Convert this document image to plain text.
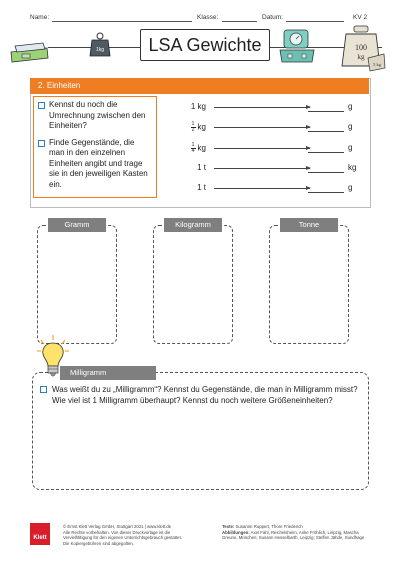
Name:	Klasse:	Datum:	KV 2
1kg	100
kg
5 kg
LSA Gewichte
2. Einheiten
Kennst du noch die Umrechnung zwischen den Einheiten?
Finde Gegenstände, die man in den einzelnen Einheiten angibt und trage sie in den jeweiligen Kasten ein.
1 kg	g
$\frac{1}{2}$ kg	g
$\frac{1}{4}$ kg	g
1 t	kg
1 t	g
Gramm	Kilogramm	Tonne
Milligramm
Was weißt du zu „Milligramm“? Kennst du Gegenstände, die man in Milligramm misst? Wie viel ist 1 Milligramm überhaupt? Kennst du noch weitere Größeneinheiten?
Klett
© Ernst Klett Verlag GmbH, Stuttgart 2021 | www.klett.de
Alle Rechte vorbehalten. Von dieser Druckvorlage ist die
Vervielfältigung für den eigenen Unterrichtsgebrauch gestattet.
Die Kopiergebühren sind abgegolten.
Texte: Susanne Ruppert, Thore Friederich
Abbildungen: Axel Fahl, Reichelsheim, Anke Fröhlich, Leipzig, Mascha
Greune, München; Susann Hesselbarth, Leipzig; Steffen Jähde, Sundhage
